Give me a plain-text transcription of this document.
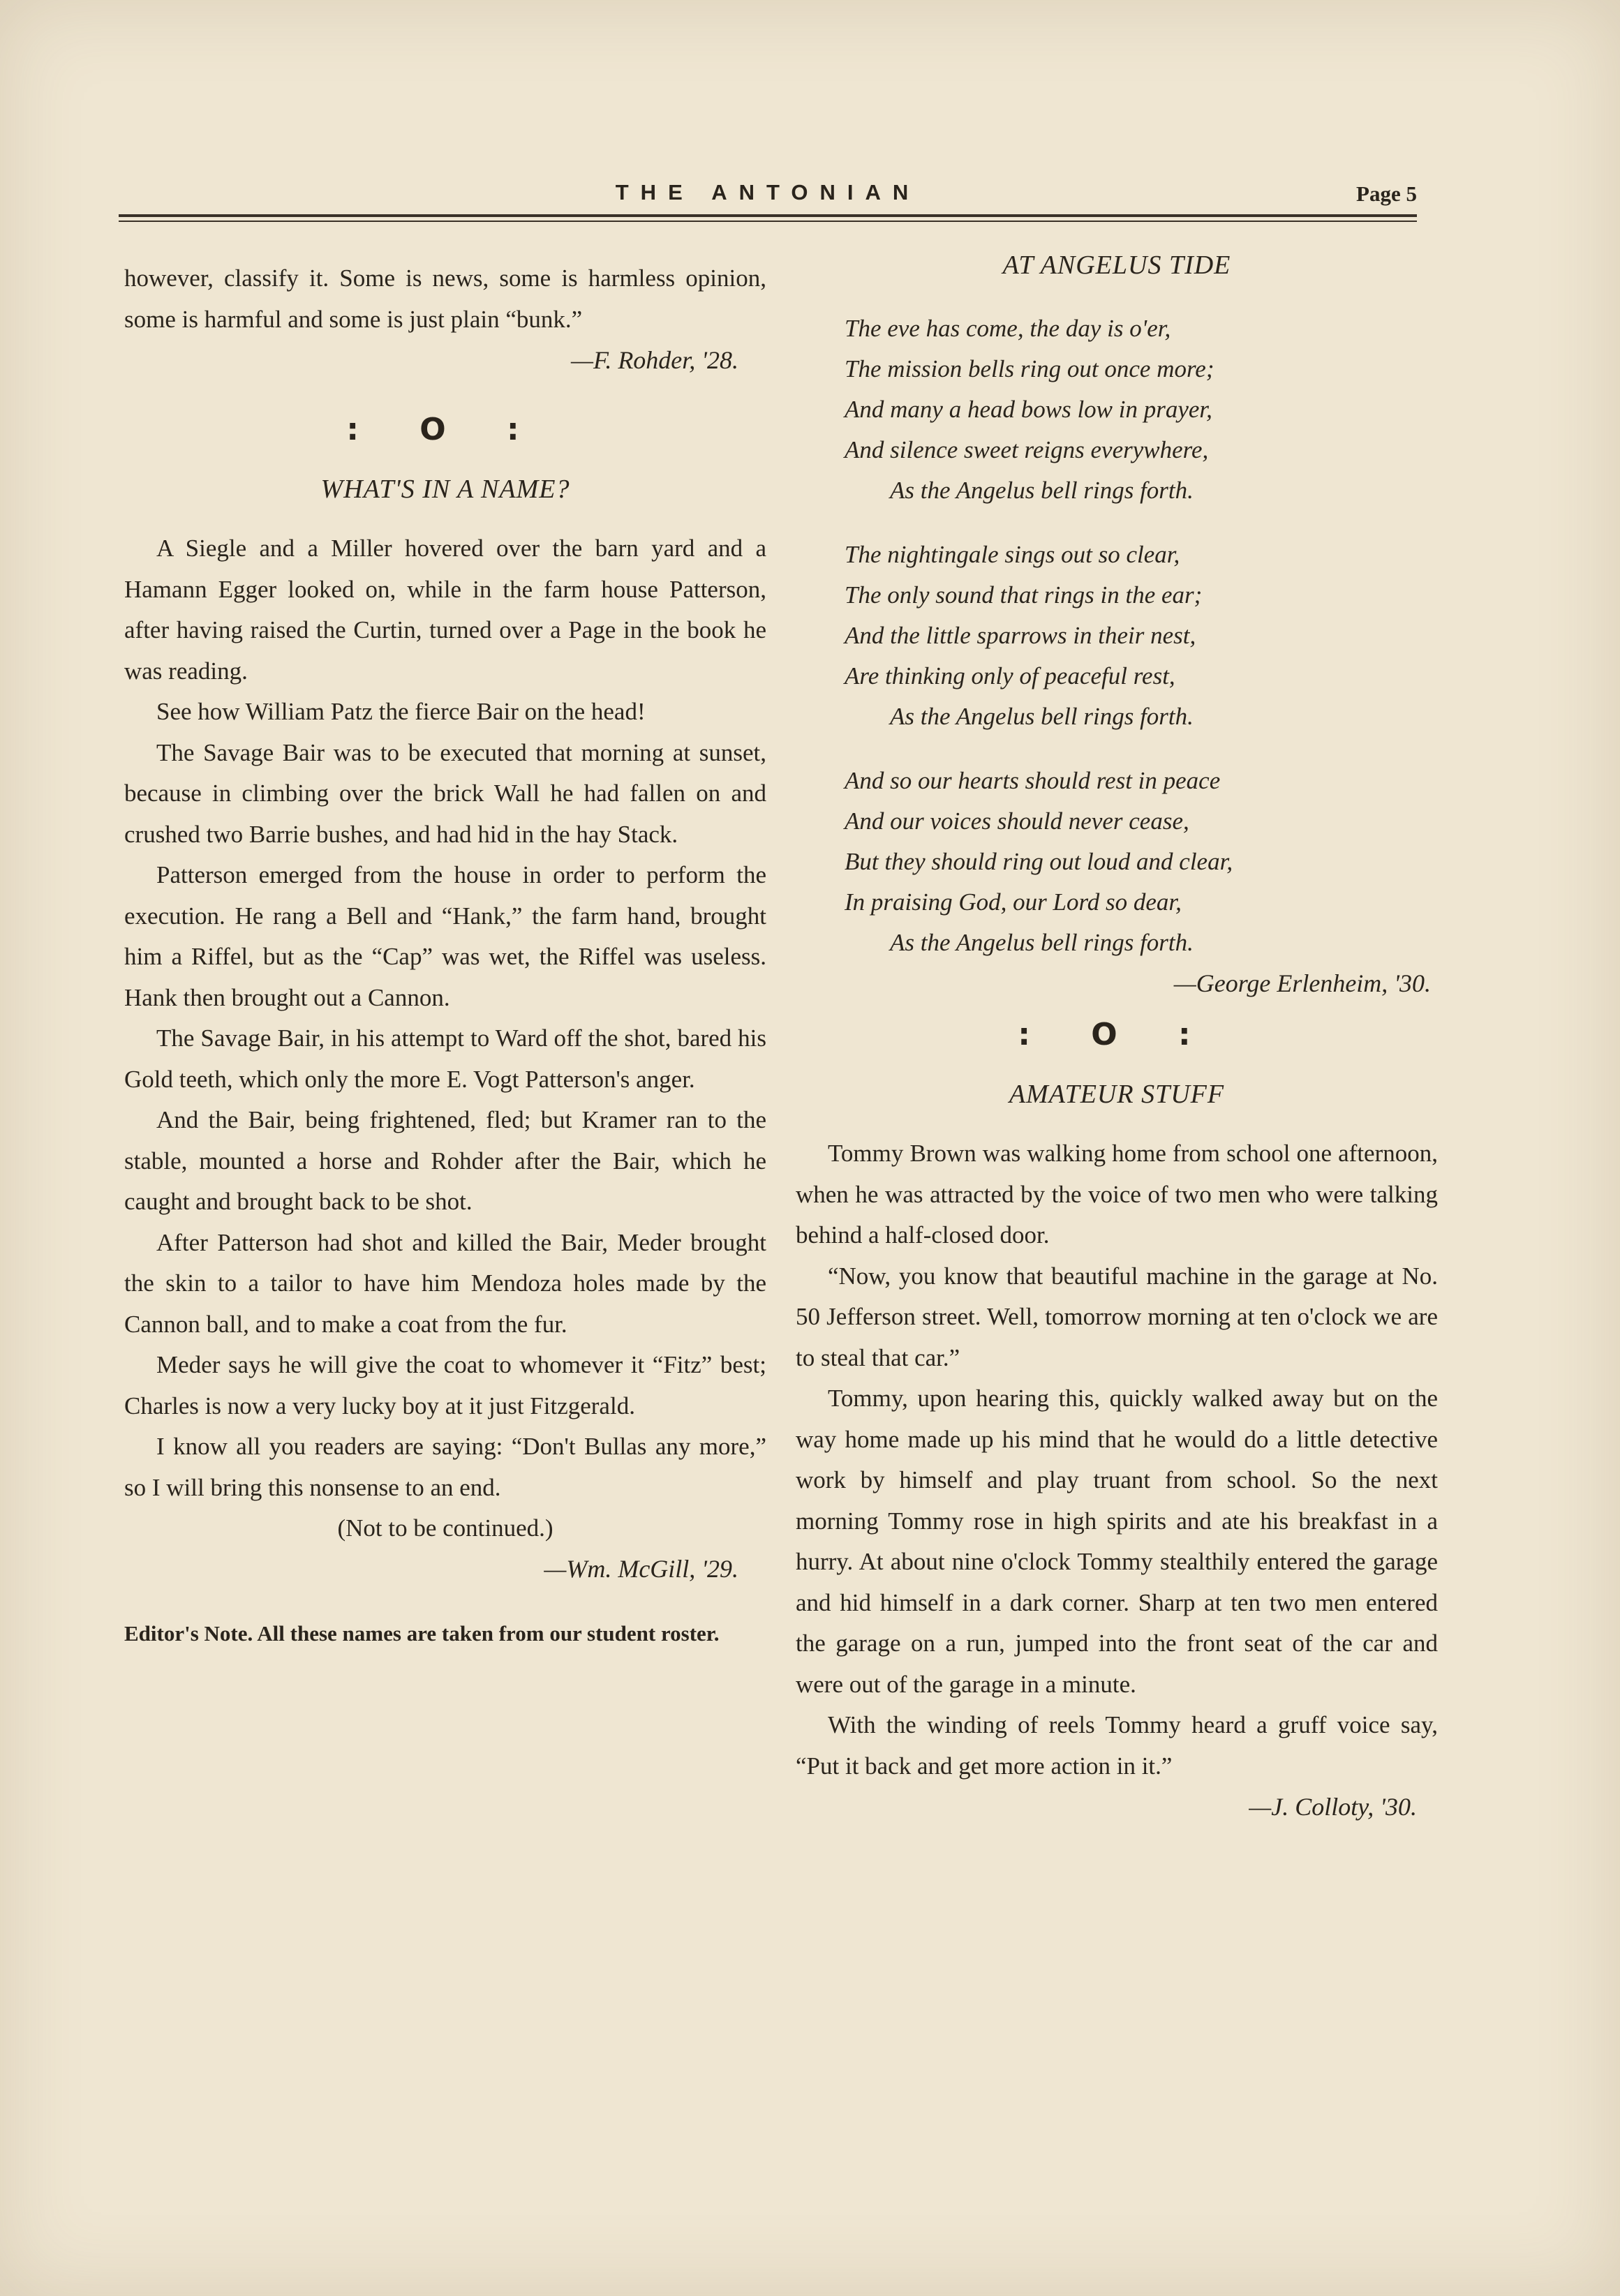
THE ANTONIAN	Page 5

however, classify it. Some is news, some is harmless opinion, some is harmful and some is just plain “bunk.”

—F. Rohder, '28.

: O :

WHAT'S IN A NAME?

A Siegle and a Miller hovered over the barn yard and a Hamann Egger looked on, while in the farm house Patterson, after having raised the Curtin, turned over a Page in the book he was reading.

See how William Patz the fierce Bair on the head!

The Savage Bair was to be executed that morning at sunset, because in climbing over the brick Wall he had fallen on and crushed two Barrie bushes, and had hid in the hay Stack.

Patterson emerged from the house in order to perform the execution. He rang a Bell and “Hank,” the farm hand, brought him a Riffel, but as the “Cap” was wet, the Riffel was useless. Hank then brought out a Cannon.

The Savage Bair, in his attempt to Ward off the shot, bared his Gold teeth, which only the more E. Vogt Patterson's anger.

And the Bair, being frightened, fled; but Kramer ran to the stable, mounted a horse and Rohder after the Bair, which he caught and brought back to be shot.

After Patterson had shot and killed the Bair, Meder brought the skin to a tailor to have him Mendoza holes made by the Cannon ball, and to make a coat from the fur.

Meder says he will give the coat to whomever it “Fitz” best; Charles is now a very lucky boy at it just Fitzgerald.

I know all you readers are saying: “Don't Bullas any more,” so I will bring this nonsense to an end.

(Not to be continued.)

—Wm. McGill, '29.

Editor's Note. All these names are taken from our student roster.

AT ANGELUS TIDE

The eve has come, the day is o'er,
The mission bells ring out once more;
And many a head bows low in prayer,
And silence sweet reigns everywhere,
As the Angelus bell rings forth.
The nightingale sings out so clear,
The only sound that rings in the ear;
And the little sparrows in their nest,
Are thinking only of peaceful rest,
As the Angelus bell rings forth.
And so our hearts should rest in peace
And our voices should never cease,
But they should ring out loud and clear,
In praising God, our Lord so dear,
As the Angelus bell rings forth.

—George Erlenheim, '30.

: O :

AMATEUR STUFF

Tommy Brown was walking home from school one afternoon, when he was attracted by the voice of two men who were talking behind a half-closed door.

“Now, you know that beautiful machine in the garage at No. 50 Jefferson street. Well, tomorrow morning at ten o'clock we are to steal that car.”

Tommy, upon hearing this, quickly walked away but on the way home made up his mind that he would do a little detective work by himself and play truant from school. So the next morning Tommy rose in high spirits and ate his breakfast in a hurry. At about nine o'clock Tommy stealthily entered the garage and hid himself in a dark corner. Sharp at ten two men entered the garage on a run, jumped into the front seat of the car and were out of the garage in a minute.

With the winding of reels Tommy heard a gruff voice say, “Put it back and get more action in it.”

—J. Colloty, '30.
